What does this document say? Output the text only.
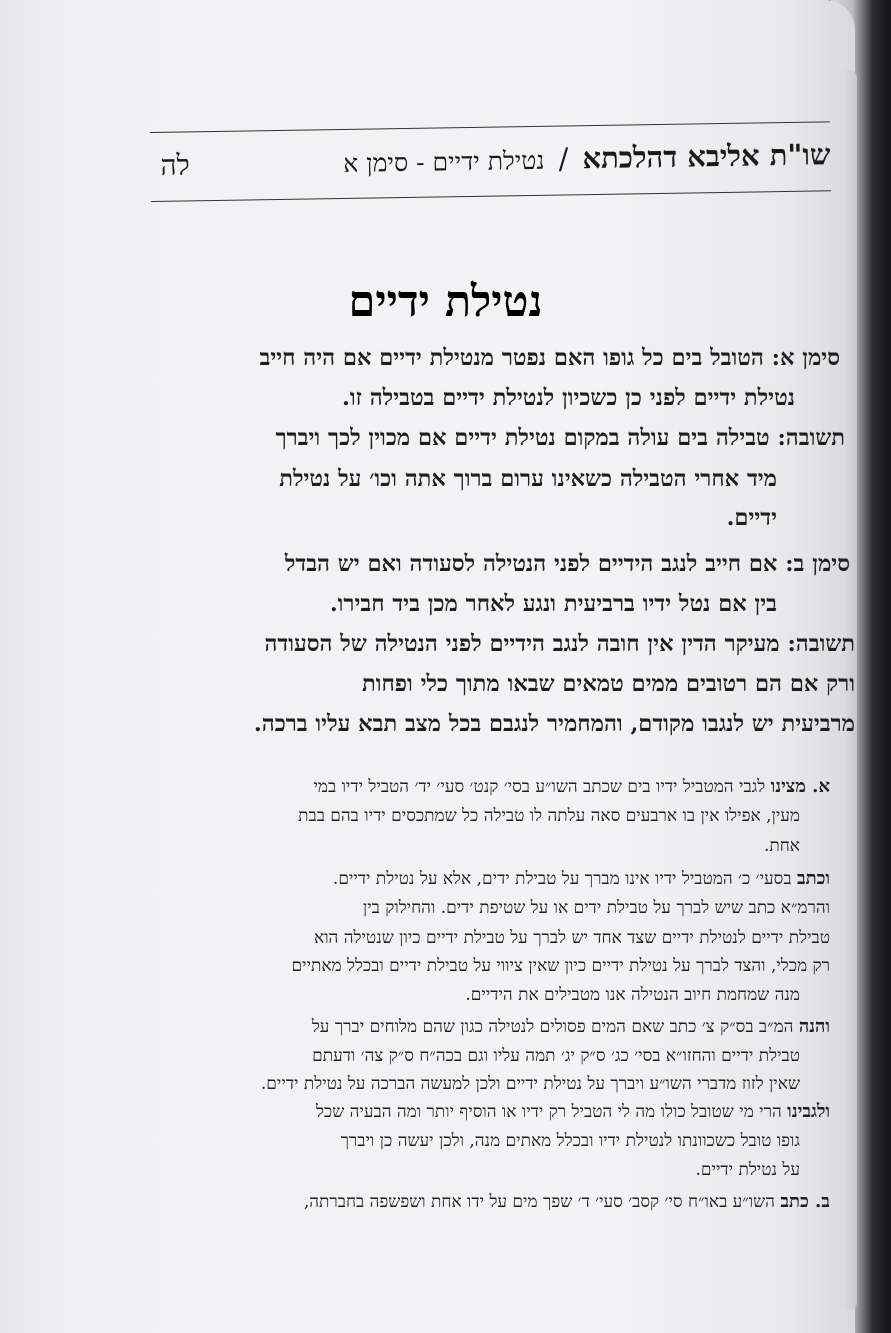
שו"ת אליבא דהלכתא / נטילת ידיים - סימן א
לה
נטילת ידיים
סימן א: הטובל בים כל גופו האם נפטר מנטילת ידיים אם היה חייב
נטילת ידיים לפני כן כשכיון לנטילת ידיים בטבילה זו.
תשובה: טבילה בים עולה במקום נטילת ידיים אם מכוין לכך ויברך
מיד אחרי הטבילה כשאינו ערום ברוך אתה וכו׳ על נטילת
ידיים.
סימן ב: אם חייב לנגב הידיים לפני הנטילה לסעודה ואם יש הבדל
בין אם נטל ידיו ברביעית ונגע לאחר מכן ביד חבירו.
תשובה: מעיקר הדין אין חובה לנגב הידיים לפני הנטילה של הסעודה
ורק אם הם רטובים ממים טמאים שבאו מתוך כלי ופחות
מרביעית יש לנגבו מקודם, והמחמיר לנגבם בכל מצב תבא עליו ברכה.
א. מצינו לגבי המטביל ידיו בים שכתב השו״ע בסי׳ קנט׳ סעי׳ יד׳ הטביל ידיו במי
מעין, אפילו אין בו ארבעים סאה עלתה לו טבילה כל שמתכסים ידיו בהם בבת
אחת.
וכתב בסעי׳ כ׳ המטביל ידיו אינו מברך על טבילת ידים, אלא על נטילת ידיים.
והרמ״א כתב שיש לברך על טבילת ידים או על שטיפת ידים. והחילוק בין
טבילת ידיים לנטילת ידיים שצד אחד יש לברך על טבילת ידיים כיון שנטילה הוא
רק מכלי, והצד לברך על נטילת ידיים כיון שאין ציווי על טבילת ידיים ובכלל מאתיים
מנה שמחמת חיוב הנטילה אנו מטבילים את הידיים.
והנה המ״ב בס״ק צ׳ כתב שאם המים פסולים לנטילה כגון שהם מלוחים יברך על
טבילת ידיים והחזו״א בסי׳ כג׳ ס״ק יג׳ תמה עליו וגם בכה״ח ס״ק צה׳ ודעתם
שאין לזוז מדברי השו״ע ויברך על נטילת ידיים ולכן למעשה הברכה על נטילת ידיים.
ולגבינו הרי מי שטובל כולו מה לי הטביל רק ידיו או הוסיף יותר ומה הבעיה שכל
גופו טובל כשכוונתו לנטילת ידיו ובכלל מאתים מנה, ולכן יעשה כן ויברך
על נטילת ידיים.
ב. כתב השו״ע באו״ח סי׳ קסב׳ סעי׳ ד׳ שפך מים על ידו אחת ושפשפה בחברתה,
